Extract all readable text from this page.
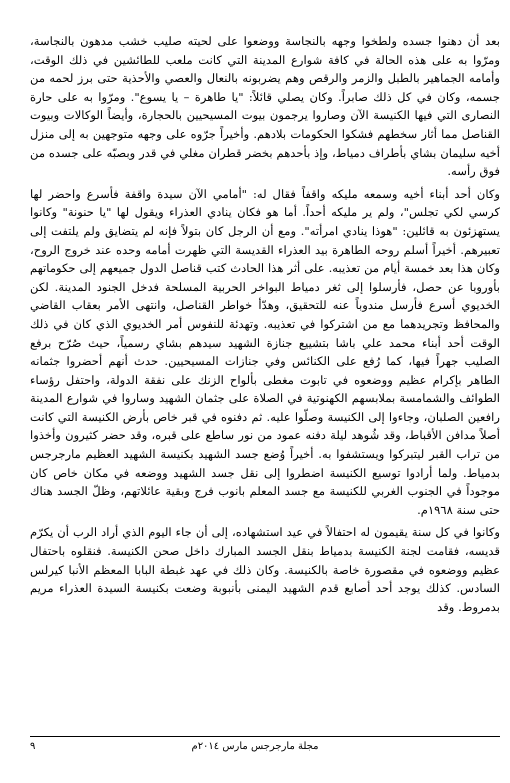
بعد أن دهنوا جسده ولطخوا وجهه بالنجاسة ووضعوا على لحيته صليب خشب مدهون بالنجاسة، ومرّوا به على هذه الحالة في كافة شوارع المدينة التي كانت ملعب للطائشين في ذلك الوقت، وأمامه الجماهير بالطبل والزمر والرقص وهم يضربونه بالنعال والعصي والأحذية حتى برز لحمه من جسمه، وكان في كل ذلك صابراً. وكان يصلي قائلاً: "يا طاهرة – يا يسوع". ومرّوا به على حارة النصارى التي فيها الكنيسة الآن وصاروا يرجمون بيوت المسيحيين بالحجارة، وأيضاً الوكالات وبيوت القناصل مما أثار سخطهم فشكوا الحكومات بلادهم. وأخيراً جرّوه على وجهه متوجهين به إلى منزل أخيه سليمان بشاي بأطراف دمياط، وإذ بأحدهم بخضر قطران مغلي في قدر وبصبّه على جسده من فوق رأسه.

وكان أحد أبناء أخيه وسمعه مليكه واقفاً فقال له: "أمامي الآن سيدة واقفة فأسرع واحضر لها كرسي لكي تجلس"، ولم ير مليكه أحداً. أما هو فكان ينادي العذراء ويقول لها "يا حنونة" وكانوا يستهزئون به قائلين: "هوذا ينادي امرأته". ومع أن الرجل كان بتولاً فإنه لم يتضايق ولم يلتفت إلى تعبيرهم. أخيراً أسلم روحه الطاهرة بيد العذراء القديسة التي ظهرت أمامه وحده عند خروج الروح، وكان هذا بعد خمسة أيام من تعذيبه. على أثر هذا الحادث كتب قناصل الدول جميعهم إلى حكوماتهم بأوروبا عن حصل، فأرسلوا إلى ثغر دمياط البواخر الحربية المسلحة فدخل الجنود المدينة. لكن الخديوي أسرع فأرسل مندوباً عنه للتحقيق، وهدّأ خواطر القناصل، وانتهى الأمر بعقاب القاضي والمحافظ وتجريدهما مع من اشتركوا في تعذيبه. وتهدئة للنفوس أمر الخديوي الذي كان في ذلك الوقت أحد أبناء محمد علي باشا بتشييع جنازة الشهيد سيدهم بشاي رسمياً، حيث صُرّح برفع الصليب جهراً فيها، كما رُفع على الكنائس وفي جنازات المسيحيين. حدث أنهم أحضروا جثمانه الطاهر بإكرام عظيم ووضعوه في تابوت مغطى بألواح الزنك على نفقة الدولة، واحتفل رؤساء الطوائف والشمامسة بملابسهم الكهنوتية في الصلاة على جثمان الشهيد وساروا في شوارع المدينة رافعين الصلبان، وجاءوا إلى الكنيسة وصلّوا عليه. ثم دفنوه في قبر خاص بأرض الكنيسة التي كانت أصلاً مدافن الأقباط، وقد شُوهد ليلة دفنه عمود من نور ساطع على قبره، وقد حضر كثيرون وأخذوا من تراب القبر ليتبركوا ويستشفوا به. أخيراً وُضع جسد الشهيد بكنيسة الشهيد العظيم مارجرجس بدمياط. ولما أرادوا توسيع الكنيسة اضطروا إلى نقل جسد الشهيد ووضعه في مكان خاص كان موجوداً في الجنوب الغربي للكنيسة مع جسد المعلم بانوب فرج وبقية عائلاتهم، وظلّ الجسد هناك حتى سنة ١٩٦٨م.

وكانوا في كل سنة يقيمون له احتفالاً في عيد استشهاده، إلى أن جاء اليوم الذي أراد الرب أن يكرّم قديسه، فقامت لجنة الكنيسة بدمياط بنقل الجسد المبارك داخل صحن الكنيسة. فنقلوه باحتفال عظيم ووضعوه في مقصورة خاصة بالكنيسة. وكان ذلك في عهد غبطة البابا المعظم الأنبا كيرلس السادس. كذلك يوجد أحد أصابع قدم الشهيد اليمنى بأنبوبة وضعت بكنيسة السيدة العذراء مريم بدمروط. وقد

مجلة مارجرجس مارس ٢٠١٤م
٩
